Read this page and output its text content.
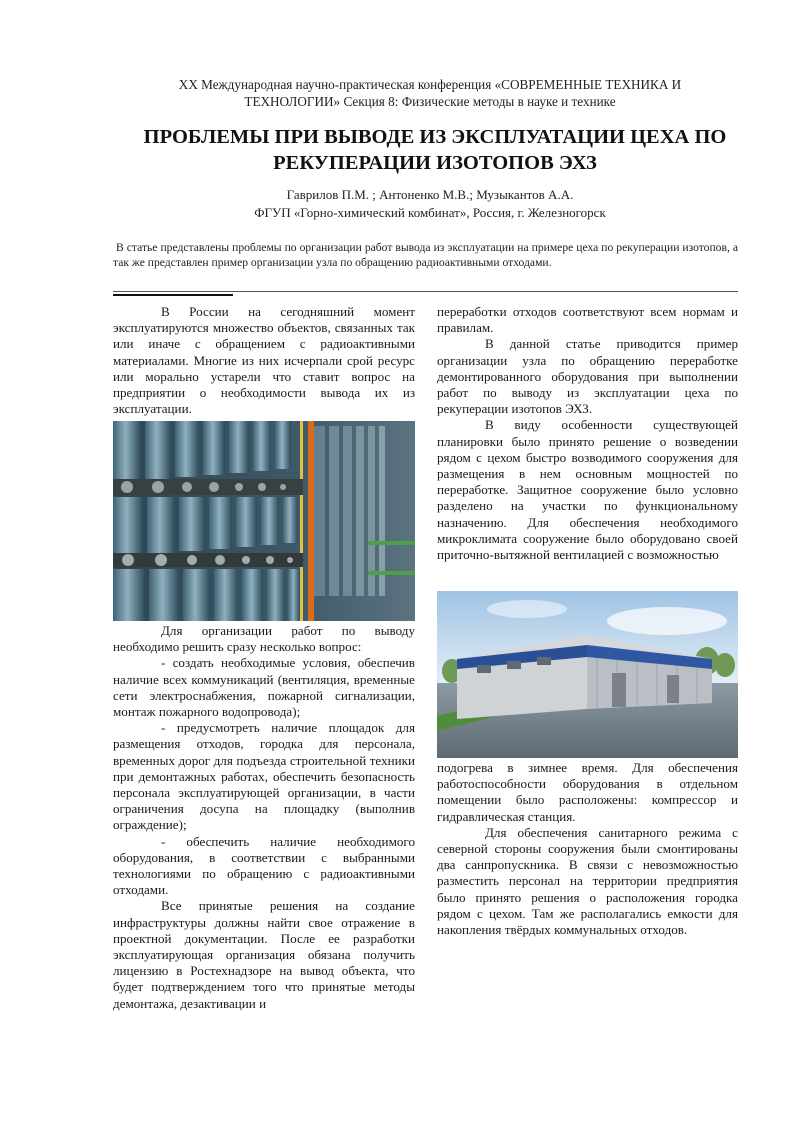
XX Международная научно-практическая конференция «СОВРЕМЕННЫЕ ТЕХНИКА И
ТЕХНОЛОГИИ» Секция 8: Физические методы в науке и технике
ПРОБЛЕМЫ ПРИ ВЫВОДЕ ИЗ ЭКСПЛУАТАЦИИ ЦЕХА ПО
РЕКУПЕРАЦИИ ИЗОТОПОВ ЭХЗ
Гаврилов П.М. ; Антоненко М.В.; Музыкантов А.А.
ФГУП «Горно-химический комбинат», Россия, г. Железногорск
В статье представлены проблемы по организации работ вывода из эксплуатации на примере цеха по рекуперации изотопов, а так же представлен пример организации узла по обращению радиоактивными отходами.

В России на сегодняшний момент эксплуатируются множество объектов, связанных так или иначе с обращением с радиоактивными материалами. Многие из них исчерпали срой ресурс или морально устарели что ставит вопрос на предприятии о необходимости вывода их из эксплуатации.

Для организации работ по выводу необходимо решить сразу несколько вопрос:

- создать необходимые условия, обеспечив наличие всех коммуникаций (вентиляция, временные сети электроснабжения, пожарной сигнализации, монтаж пожарного водопровода);

- предусмотреть наличие площадок для размещения отходов, городка для персонала, временных дорог для подъезда строительной техники при демонтажных работах, обеспечить безопасность персонала эксплуатирующей организации, в части ограничения досупа на площадку (выполнив ограждение);

- обеспечить наличие необходимого оборудования, в соответствии с выбранными технологиями по обращению с радиоактивными отходами.

Все принятые решения на создание инфраструктуры должны найти свое отражение в проектной документации. После ее разработки эксплуатирующая организация обязана получить лицензию в Ростехнадзоре на вывод объекта, что будет подтверждением того что принятые методы демонтажа, дезактивации и

переработки отходов соответствуют всем нормам и правилам.

В данной статье приводится пример организации узла по обращению переработке демонтированного оборудования при выполнении работ по выводу из эксплуатации цеха по рекуперации изотопов ЭХЗ.

В виду особенности существующей планировки было принято решение о возведении рядом с цехом быстро возводимого сооружения для размещения в нем основным мощностей по переработке. Защитное сооружение было условно разделено на участки по функциональному назначению. Для обеспечения необходимого микроклимата сооружение было оборудовано своей приточно-вытяжной вентилацией с возможностью

подогрева в зимнее время. Для обеспечения работоспособности оборудования в отдельном помещении было расположены: компрессор и гидравлическая станция.

Для обеспечения санитарного режима с северной стороны сооружения были смонтированы два санпропускника. В связи с невозможностью разместить персонал на территории предприятия было принято решения о расположения городка рядом с цехом. Там же располагались емкости для накопления твёрдых коммунальных отходов.
